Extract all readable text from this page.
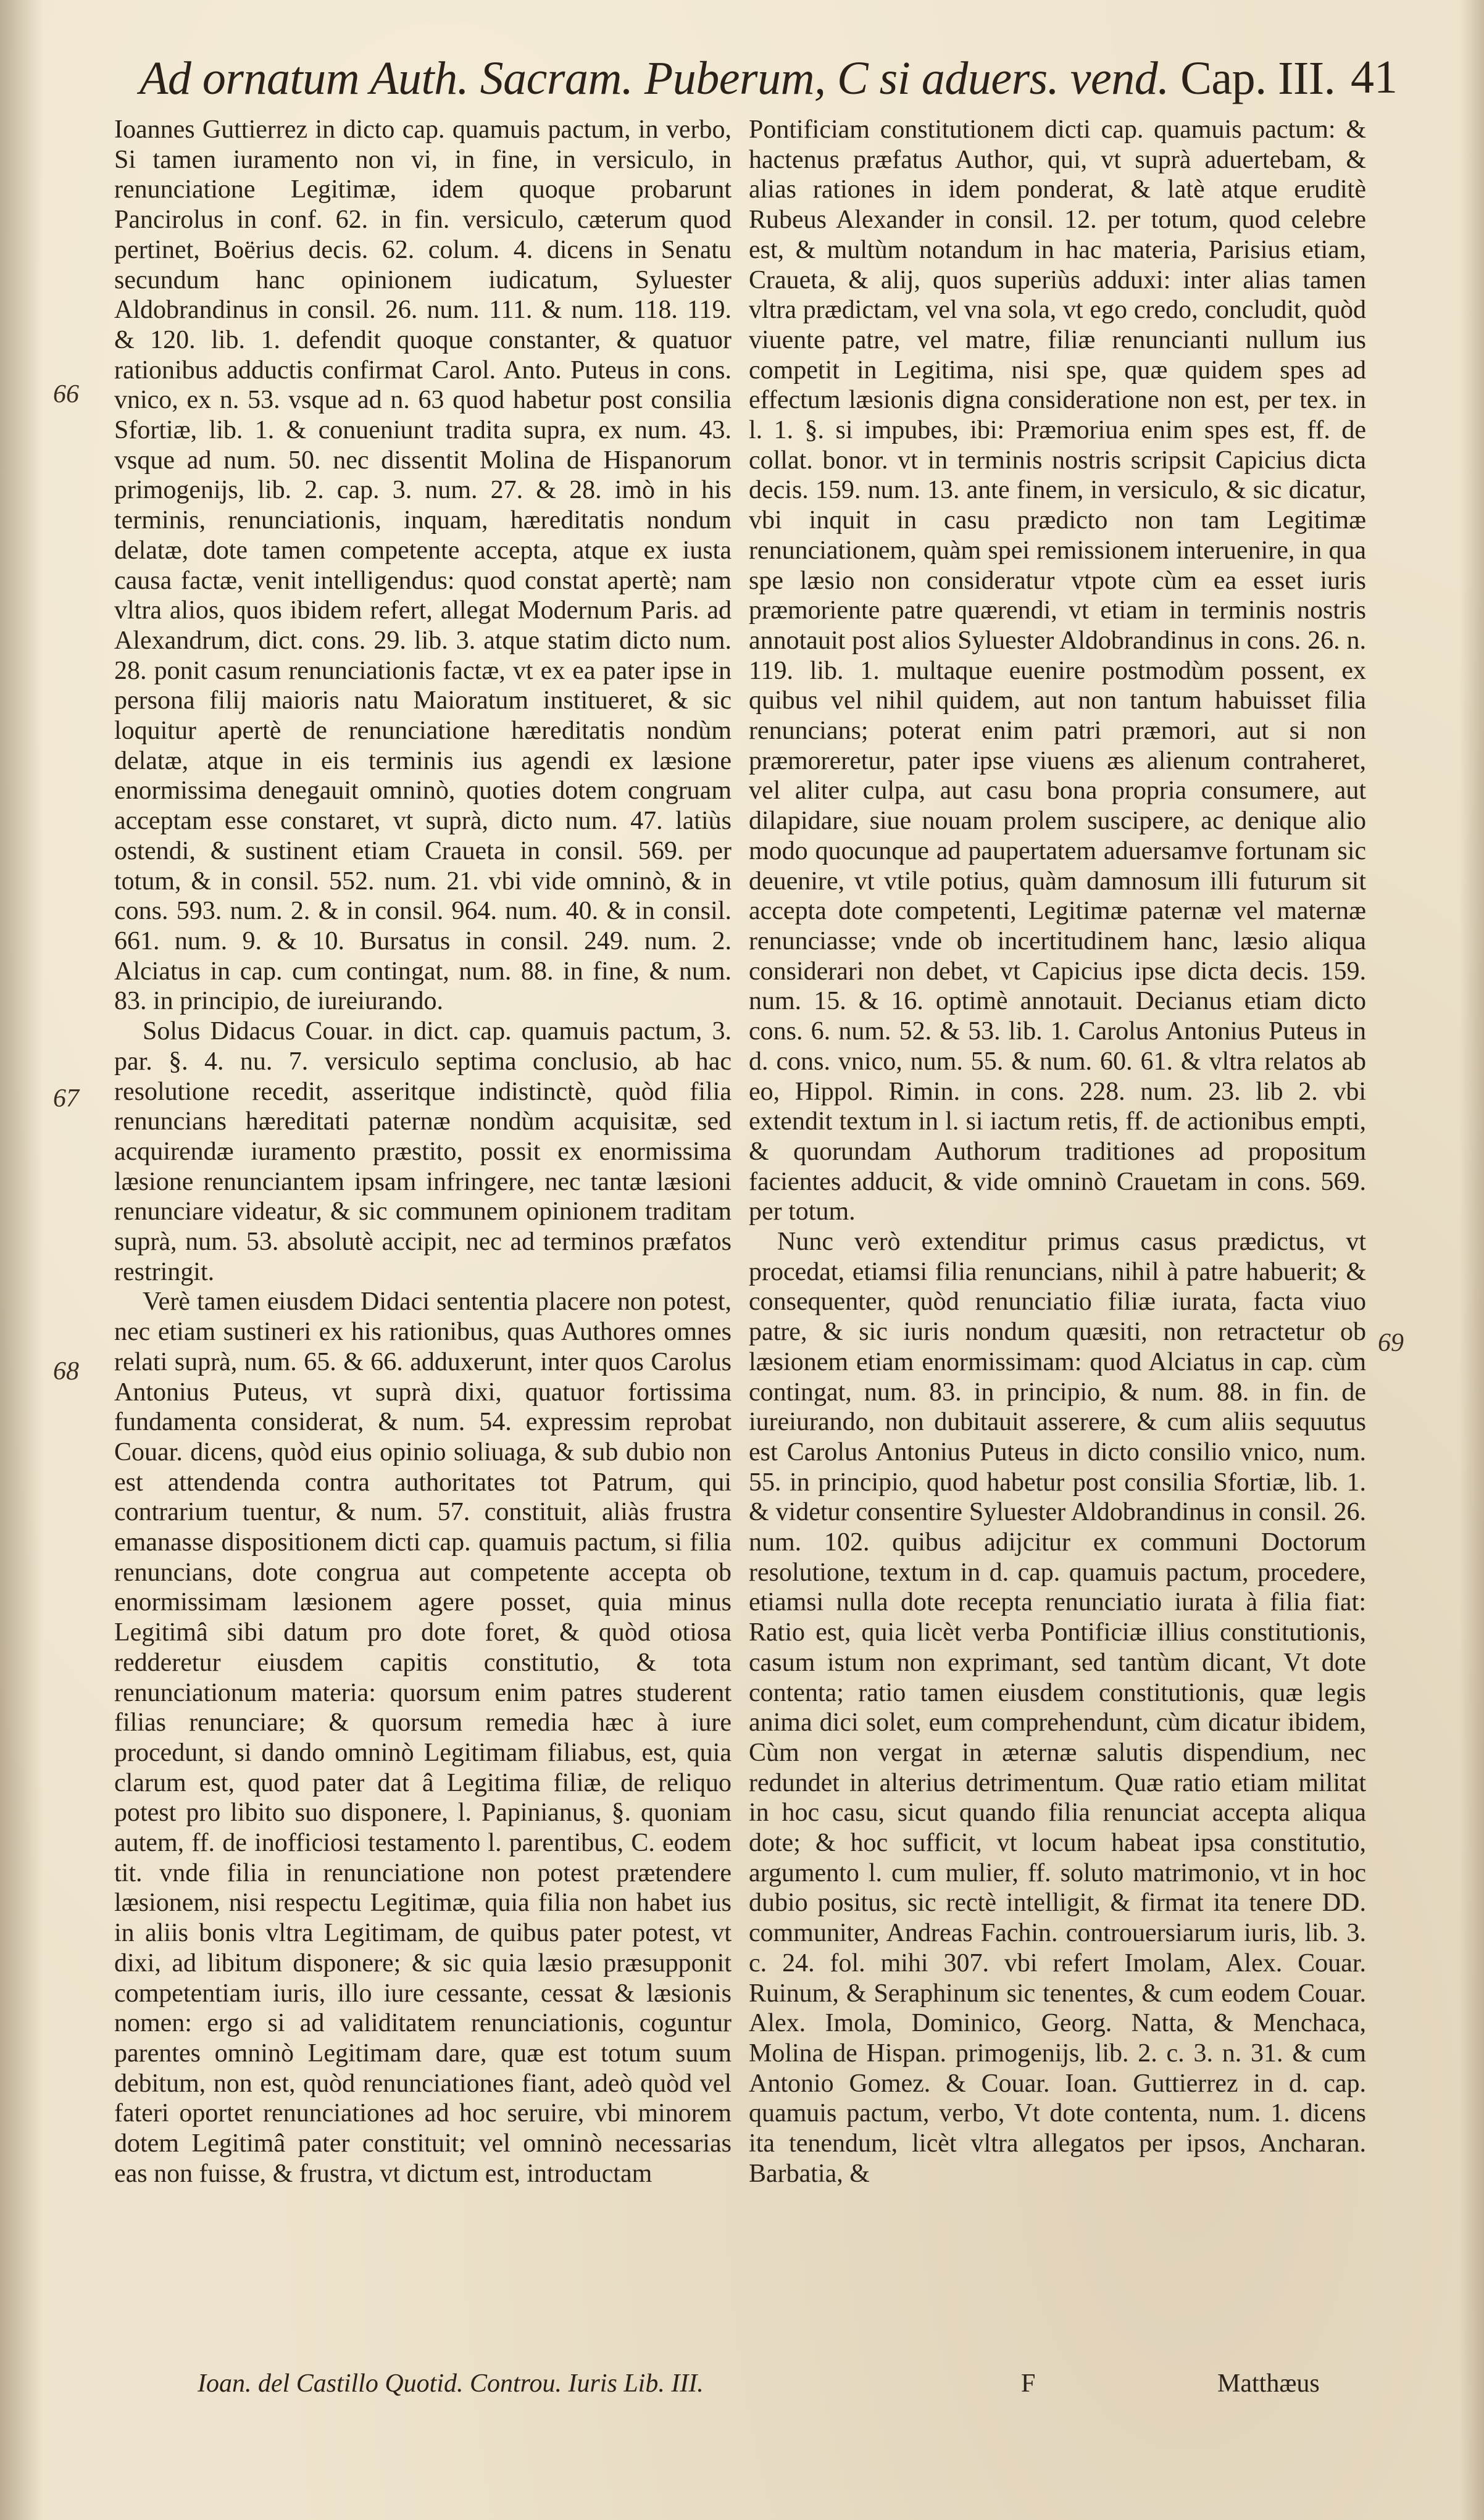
Ad ornatum Auth. Sacram. Puberum, C si aduers. vend. Cap. III. 41
66
67
68
69

Ioannes Guttierrez in dicto cap. quamuis pactum, in verbo, Si tamen iuramento non vi, in fine, in versiculo, in renunciatione Legitimæ, idem quoque probarunt Pancirolus in conf. 62. in fin. versiculo, cæterum quod pertinet, Boërius decis. 62. colum. 4. dicens in Senatu secundum hanc opinionem iudicatum, Syluester Aldobrandinus in consil. 26. num. 111. & num. 118. 119. & 120. lib. 1. defendit quoque constanter, & quatuor rationibus adductis confirmat Carol. Anto. Puteus in cons. vnico, ex n. 53. vsque ad n. 63 quod habetur post consilia Sfortiæ, lib. 1. & conueniunt tradita supra, ex num. 43. vsque ad num. 50. nec dissentit Molina de Hispanorum primogenijs, lib. 2. cap. 3. num. 27. & 28. imò in his terminis, renunciationis, inquam, hæreditatis nondum delatæ, dote tamen competente accepta, atque ex iusta causa factæ, venit intelligendus: quod constat apertè; nam vltra alios, quos ibidem refert, allegat Modernum Paris. ad Alexandrum, dict. cons. 29. lib. 3. atque statim dicto num. 28. ponit casum renunciationis factæ, vt ex ea pater ipse in persona filij maioris natu Maioratum institueret, & sic loquitur apertè de renunciatione hæreditatis nondùm delatæ, atque in eis terminis ius agendi ex læsione enormissima denegauit omninò, quoties dotem congruam acceptam esse constaret, vt suprà, dicto num. 47. latiùs ostendi, & sustinent etiam Craueta in consil. 569. per totum, & in consil. 552. num. 21. vbi vide omninò, & in cons. 593. num. 2. & in consil. 964. num. 40. & in consil. 661. num. 9. & 10. Bursatus in consil. 249. num. 2. Alciatus in cap. cum contingat, num. 88. in fine, & num. 83. in principio, de iureiurando.

Solus Didacus Couar. in dict. cap. quamuis pactum, 3. par. §. 4. nu. 7. versiculo septima conclusio, ab hac resolutione recedit, asseritque indistinctè, quòd filia renuncians hæreditati paternæ nondùm acquisitæ, sed acquirendæ iuramento præstito, possit ex enormissima læsione renunciantem ipsam infringere, nec tantæ læsioni renunciare videatur, & sic communem opinionem traditam suprà, num. 53. absolutè accipit, nec ad terminos præfatos restringit.

Verè tamen eiusdem Didaci sententia placere non potest, nec etiam sustineri ex his rationibus, quas Authores omnes relati suprà, num. 65. & 66. adduxerunt, inter quos Carolus Antonius Puteus, vt suprà dixi, quatuor fortissima fundamenta considerat, & num. 54. expressim reprobat Couar. dicens, quòd eius opinio soliuaga, & sub dubio non est attendenda contra authoritates tot Patrum, qui contrarium tuentur, & num. 57. constituit, aliàs frustra emanasse dispositionem dicti cap. quamuis pactum, si filia renuncians, dote congrua aut competente accepta ob enormissimam læsionem agere posset, quia minus Legitimâ sibi datum pro dote foret, & quòd otiosa redderetur eiusdem capitis constitutio, & tota renunciationum materia: quorsum enim patres studerent filias renunciare; & quorsum remedia hæc à iure procedunt, si dando omninò Legitimam filiabus, est, quia clarum est, quod pater dat â Legitima filiæ, de reliquo potest pro libito suo disponere, l. Papinianus, §. quoniam autem, ff. de inofficiosi testamento l. parentibus, C. eodem tit. vnde filia in renunciatione non potest prætendere læsionem, nisi respectu Legitimæ, quia filia non habet ius in aliis bonis vltra Legitimam, de quibus pater potest, vt dixi, ad libitum disponere; & sic quia læsio præsupponit competentiam iuris, illo iure cessante, cessat & læsionis nomen: ergo si ad validitatem renunciationis, coguntur parentes omninò Legitimam dare, quæ est totum suum debitum, non est, quòd renunciationes fiant, adeò quòd vel fateri oportet renunciationes ad hoc seruire, vbi minorem dotem Legitimâ pater constituit; vel omninò necessarias eas non fuisse, & frustra, vt dictum est, introductam

Pontificiam constitutionem dicti cap. quamuis pactum: & hactenus præfatus Author, qui, vt suprà aduertebam, & alias rationes in idem ponderat, & latè atque eruditè Rubeus Alexander in consil. 12. per totum, quod celebre est, & multùm notandum in hac materia, Parisius etiam, Craueta, & alij, quos superiùs adduxi: inter alias tamen vltra prædictam, vel vna sola, vt ego credo, concludit, quòd viuente patre, vel matre, filiæ renuncianti nullum ius competit in Legitima, nisi spe, quæ quidem spes ad effectum læsionis digna consideratione non est, per tex. in l. 1. §. si impubes, ibi: Præmoriua enim spes est, ff. de collat. bonor. vt in terminis nostris scripsit Capicius dicta decis. 159. num. 13. ante finem, in versiculo, & sic dicatur, vbi inquit in casu prædicto non tam Legitimæ renunciationem, quàm spei remissionem interuenire, in qua spe læsio non consideratur vtpote cùm ea esset iuris præmoriente patre quærendi, vt etiam in terminis nostris annotauit post alios Syluester Aldobrandinus in cons. 26. n. 119. lib. 1. multaque euenire postmodùm possent, ex quibus vel nihil quidem, aut non tantum habuisset filia renuncians; poterat enim patri præmori, aut si non præmoreretur, pater ipse viuens æs alienum contraheret, vel aliter culpa, aut casu bona propria consumere, aut dilapidare, siue nouam prolem suscipere, ac denique alio modo quocunque ad paupertatem aduersamve fortunam sic deuenire, vt vtile potius, quàm damnosum illi futurum sit accepta dote competenti, Legitimæ paternæ vel maternæ renunciasse; vnde ob incertitudinem hanc, læsio aliqua considerari non debet, vt Capicius ipse dicta decis. 159. num. 15. & 16. optimè annotauit. Decianus etiam dicto cons. 6. num. 52. & 53. lib. 1. Carolus Antonius Puteus in d. cons. vnico, num. 55. & num. 60. 61. & vltra relatos ab eo, Hippol. Rimin. in cons. 228. num. 23. lib 2. vbi extendit textum in l. si iactum retis, ff. de actionibus empti, & quorundam Authorum traditiones ad propositum facientes adducit, & vide omninò Crauetam in cons. 569. per totum.

Nunc verò extenditur primus casus prædictus, vt procedat, etiamsi filia renuncians, nihil à patre habuerit; & consequenter, quòd renunciatio filiæ iurata, facta viuo patre, & sic iuris nondum quæsiti, non retractetur ob læsionem etiam enormissimam: quod Alciatus in cap. cùm contingat, num. 83. in principio, & num. 88. in fin. de iureiurando, non dubitauit asserere, & cum aliis sequutus est Carolus Antonius Puteus in dicto consilio vnico, num. 55. in principio, quod habetur post consilia Sfortiæ, lib. 1. & videtur consentire Syluester Aldobrandinus in consil. 26. num. 102. quibus adijcitur ex communi Doctorum resolutione, textum in d. cap. quamuis pactum, procedere, etiamsi nulla dote recepta renunciatio iurata à filia fiat: Ratio est, quia licèt verba Pontificiæ illius constitutionis, casum istum non exprimant, sed tantùm dicant, Vt dote contenta; ratio tamen eiusdem constitutionis, quæ legis anima dici solet, eum comprehendunt, cùm dicatur ibidem, Cùm non vergat in æternæ salutis dispendium, nec redundet in alterius detrimentum. Quæ ratio etiam militat in hoc casu, sicut quando filia renunciat accepta aliqua dote; & hoc sufficit, vt locum habeat ipsa constitutio, argumento l. cum mulier, ff. soluto matrimonio, vt in hoc dubio positus, sic rectè intelligit, & firmat ita tenere DD. communiter, Andreas Fachin. controuersiarum iuris, lib. 3. c. 24. fol. mihi 307. vbi refert Imolam, Alex. Couar. Ruinum, & Seraphinum sic tenentes, & cum eodem Couar. Alex. Imola, Dominico, Georg. Natta, & Menchaca, Molina de Hispan. primogenijs, lib. 2. c. 3. n. 31. & cum Antonio Gomez. & Couar. Ioan. Guttierrez in d. cap. quamuis pactum, verbo, Vt dote contenta, num. 1. dicens ita tenendum, licèt vltra allegatos per ipsos, Ancharan. Barbatia, &

Ioan. del Castillo Quotid. Controu. Iuris Lib. III.	F	Matthæus
